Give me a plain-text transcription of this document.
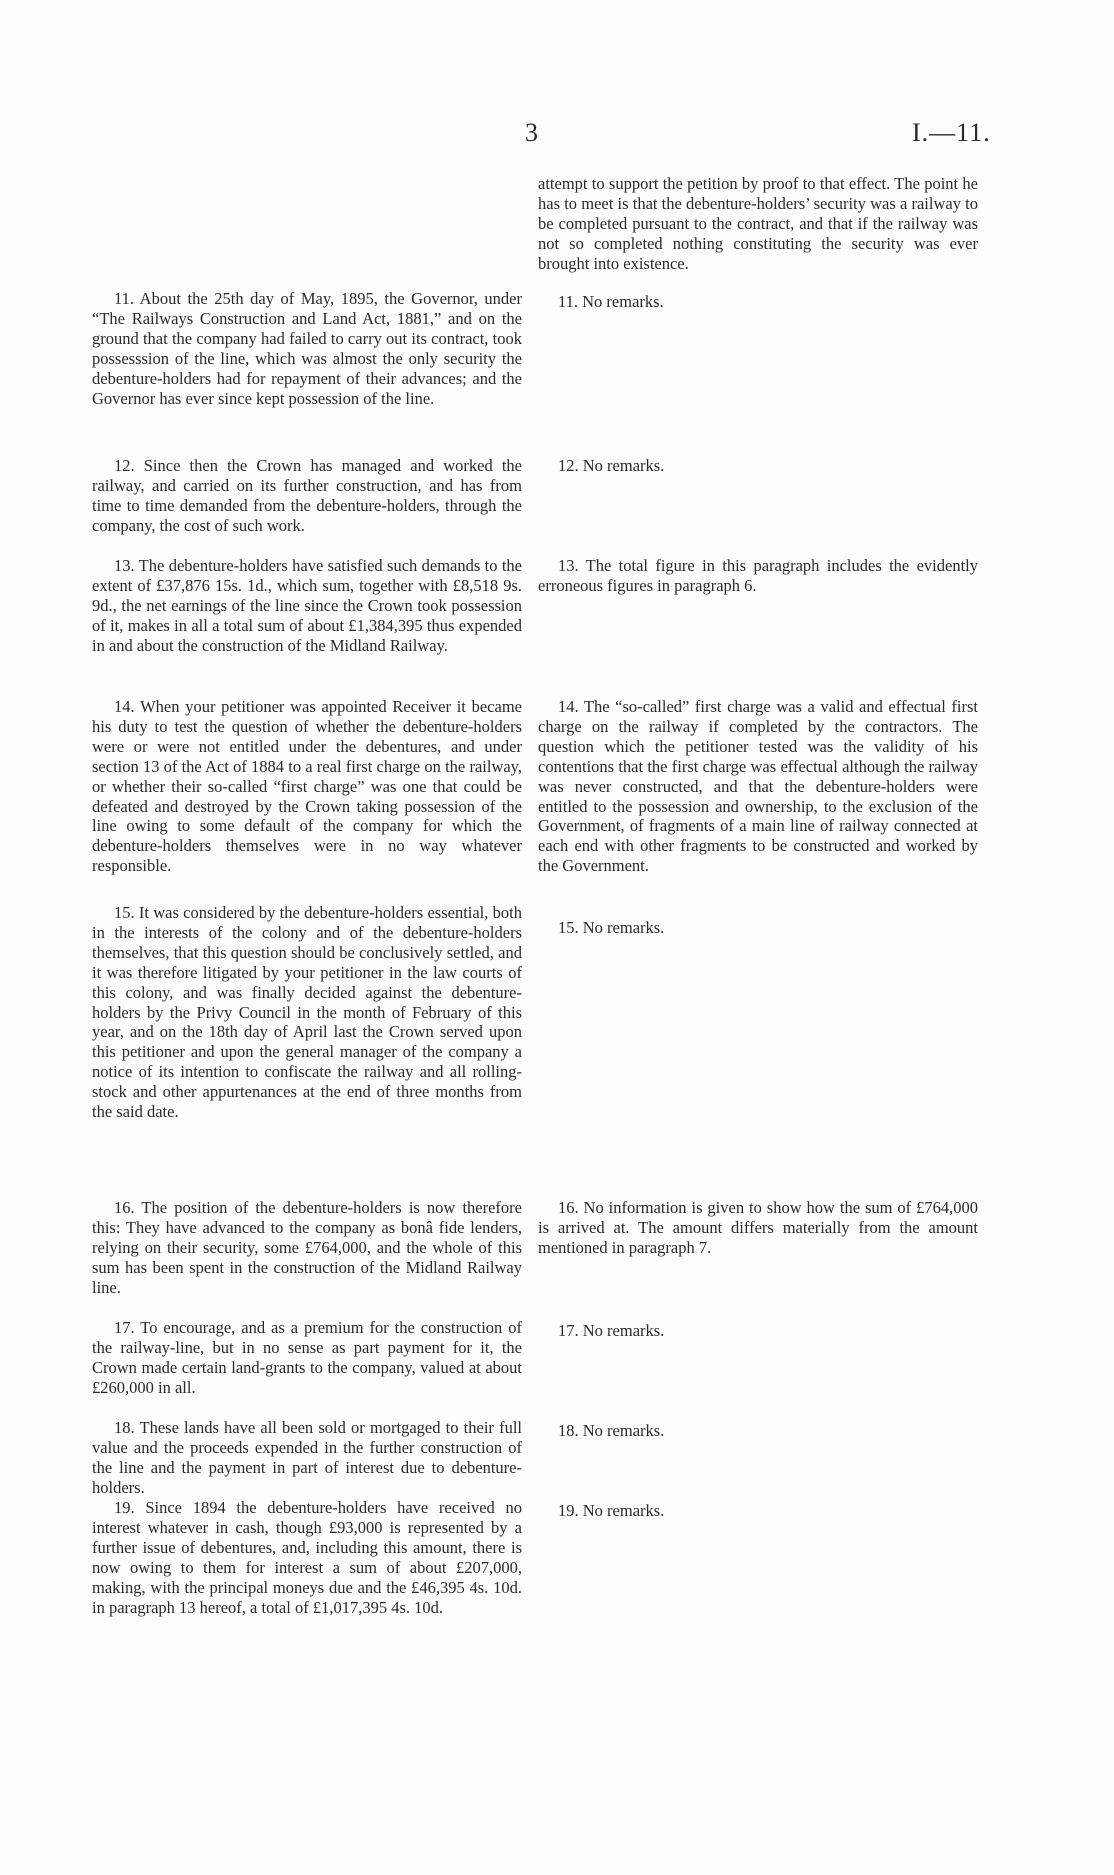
3	I.—11.

11. About the 25th day of May, 1895, the Governor, under “The Railways Construction and Land Act, 1881,” and on the ground that the company had failed to carry out its contract, took possesssion of the line, which was almost the only security the debenture-holders had for repayment of their advances; and the Governor has ever since kept possession of the line.

12. Since then the Crown has managed and worked the railway, and carried on its further construction, and has from time to time demanded from the debenture-holders, through the company, the cost of such work.

13. The debenture-holders have satisfied such demands to the extent of £37,876 15s. 1d., which sum, together with £8,518 9s. 9d., the net earnings of the line since the Crown took possession of it, makes in all a total sum of about £1,384,395 thus expended in and about the construction of the Midland Railway.

14. When your petitioner was appointed Receiver it became his duty to test the question of whether the debenture-holders were or were not entitled under the debentures, and under section 13 of the Act of 1884 to a real first charge on the railway, or whether their so-called “first charge” was one that could be defeated and destroyed by the Crown taking possession of the line owing to some default of the company for which the debenture-holders themselves were in no way whatever responsible.

15. It was considered by the debenture-holders essential, both in the interests of the colony and of the debenture-holders themselves, that this question should be conclusively settled, and it was therefore litigated by your petitioner in the law courts of this colony, and was finally decided against the debenture-holders by the Privy Council in the month of February of this year, and on the 18th day of April last the Crown served upon this petitioner and upon the general manager of the company a notice of its intention to confiscate the railway and all rolling-stock and other appurtenances at the end of three months from the said date.

16. The position of the debenture-holders is now therefore this: They have advanced to the company as bonâ fide lenders, relying on their security, some £764,000, and the whole of this sum has been spent in the construction of the Midland Railway line.

17. To encourage, and as a premium for the construction of the railway-line, but in no sense as part payment for it, the Crown made certain land-grants to the company, valued at about £260,000 in all.

18. These lands have all been sold or mortgaged to their full value and the proceeds expended in the further construction of the line and the payment in part of interest due to debenture-holders.

19. Since 1894 the debenture-holders have received no interest whatever in cash, though £93,000 is represented by a further issue of debentures, and, including this amount, there is now owing to them for interest a sum of about £207,000, making, with the principal moneys due and the £46,395 4s. 10d. in paragraph 13 hereof, a total of £1,017,395 4s. 10d.

attempt to support the petition by proof to that effect. The point he has to meet is that the debenture-holders’ security was a railway to be completed pursuant to the contract, and that if the railway was not so completed nothing constituting the security was ever brought into existence.

11. No remarks.

12. No remarks.

13. The total figure in this paragraph includes the evidently erroneous figures in paragraph 6.

14. The “so-called” first charge was a valid and effectual first charge on the railway if completed by the contractors. The question which the petitioner tested was the validity of his contentions that the first charge was effectual although the railway was never constructed, and that the debenture-holders were entitled to the possession and ownership, to the exclusion of the Government, of fragments of a main line of railway connected at each end with other fragments to be constructed and worked by the Government.

15. No remarks.

16. No information is given to show how the sum of £764,000 is arrived at. The amount differs materially from the amount mentioned in paragraph 7.

17. No remarks.

18. No remarks.

19. No remarks.
